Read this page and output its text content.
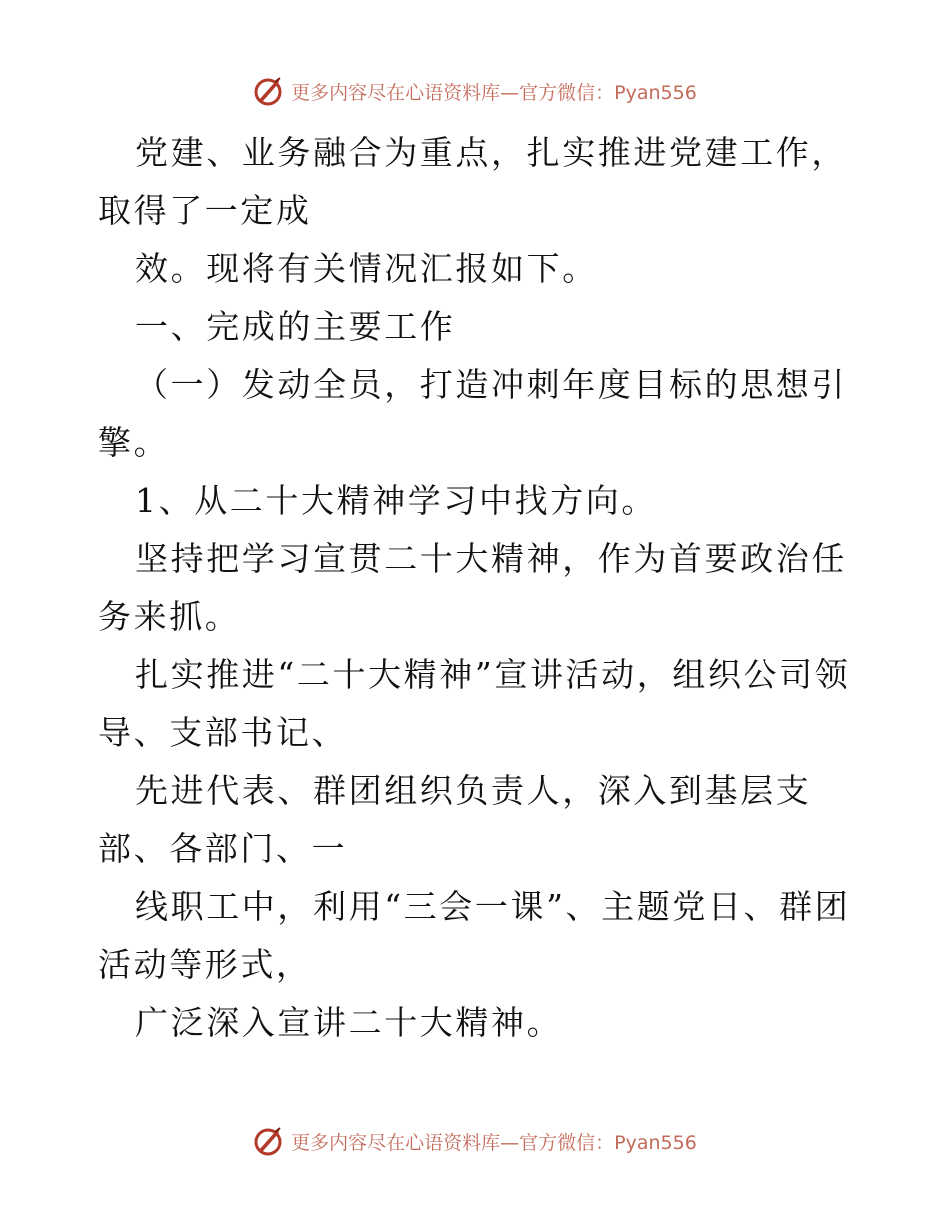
更多内容尽在心语资料库—官方微信：Pyan556

党建、业务融合为重点，扎实推进党建工作，取得了一定成

效。现将有关情况汇报如下。

一、完成的主要工作

（一）发动全员，打造冲刺年度目标的思想引擎。

1、从二十大精神学习中找方向。

坚持把学习宣贯二十大精神，作为首要政治任务来抓。

扎实推进“二十大精神”宣讲活动，组织公司领导、支部书记、

先进代表、群团组织负责人，深入到基层支部、各部门、一

线职工中，利用“三会一课”、主题党日、群团活动等形式，

广泛深入宣讲二十大精神。

更多内容尽在心语资料库—官方微信：Pyan556
